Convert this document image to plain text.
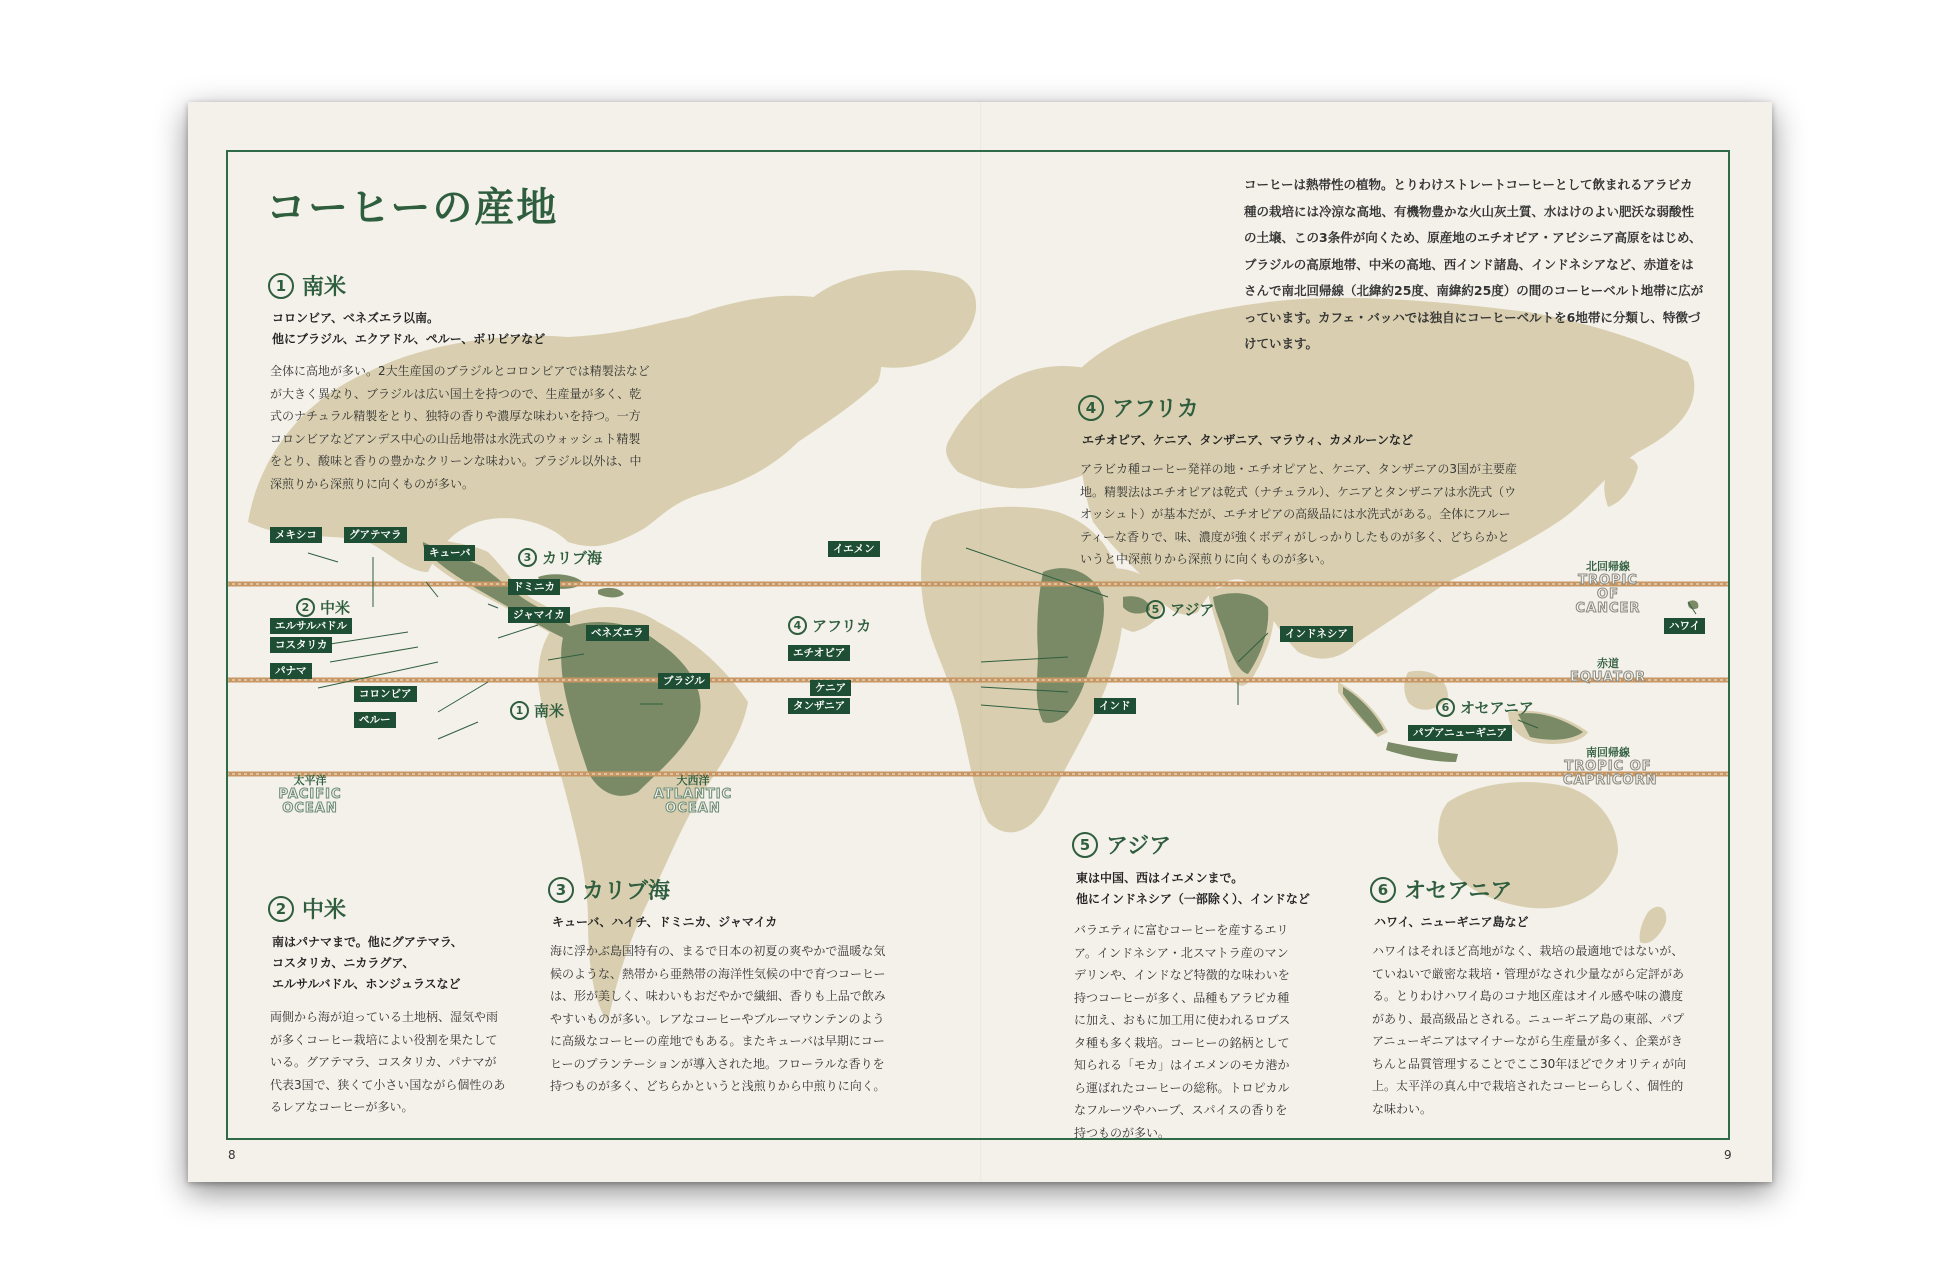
コーヒーの産地
コーヒーは熱帯性の植物。とりわけストレートコーヒーとして飲まれるアラビカ種の栽培には冷涼な高地、有機物豊かな火山灰土質、水はけのよい肥沃な弱酸性の土壌、この3条件が向くため、原産地のエチオピア・アビシニア高原をはじめ、ブラジルの高原地帯、中米の高地、西インド諸島、インドネシアなど、赤道をはさんで南北回帰線（北緯約25度、南緯約25度）の間のコーヒーベルト地帯に広がっています。カフェ・バッハでは独自にコーヒーベルトを6地帯に分類し、特徴づけています。
1 南米
コロンビア、ベネズエラ以南。
他にブラジル、エクアドル、ペルー、ボリビアなど
全体に高地が多い。2大生産国のブラジルとコロンビアでは精製法などが大きく異なり、ブラジルは広い国土を持つので、生産量が多く、乾式のナチュラル精製をとり、独特の香りや濃厚な味わいを持つ。一方コロンビアなどアンデス中心の山岳地帯は水洗式のウォッシュト精製をとり、酸味と香りの豊かなクリーンな味わい。ブラジル以外は、中深煎りから深煎りに向くものが多い。
4 アフリカ
エチオピア、ケニア、タンザニア、マラウィ、カメルーンなど
アラビカ種コーヒー発祥の地・エチオピアと、ケニア、タンザニアの3国が主要産地。精製法はエチオピアは乾式（ナチュラル）、ケニアとタンザニアは水洗式（ウオッシュト）が基本だが、エチオピアの高級品には水洗式がある。全体にフルーティーな香りで、味、濃度が強くボディがしっかりしたものが多く、どちらかというと中深煎りから深煎りに向くものが多い。
3 カリブ海
2 中米
1 南米
4 アフリカ
5 アジア
6 オセアニア
メキシコ	グアテマラ
キューバ
ドミニカ
ジャマイカ
ベネズエラ
エルサルバドル
コスタリカ
パナマ
コロンビア
ペルー
ブラジル
イエメン
エチオピア
ケニア
タンザニア	インド
インドネシア
パプアニューギニア
ハワイ
北回帰線
TROPIC OF CANCER
赤道
EQUATOR
南回帰線
TROPIC OF CAPRICORN
太平洋
PACIFIC
OCEAN
大西洋
ATLANTIC
OCEAN
2 中米
南はパナマまで。他にグアテマラ、
コスタリカ、ニカラグア、
エルサルバドル、ホンジュラスなど
両側から海が迫っている土地柄、湿気や雨が多くコーヒー栽培によい役割を果たしている。グアテマラ、コスタリカ、パナマが代表3国で、狭くて小さい国ながら個性のあるレアなコーヒーが多い。
3 カリブ海
キューバ、ハイチ、ドミニカ、ジャマイカ
海に浮かぶ島国特有の、まるで日本の初夏の爽やかで温暖な気候のような、熱帯から亜熱帯の海洋性気候の中で育つコーヒーは、形が美しく、味わいもおだやかで繊細、香りも上品で飲みやすいものが多い。レアなコーヒーやブルーマウンテンのように高級なコーヒーの産地でもある。またキューバは早期にコーヒーのプランテーションが導入された地。フローラルな香りを持つものが多く、どちらかというと浅煎りから中煎りに向く。
5 アジア
東は中国、西はイエメンまで。
他にインドネシア（一部除く）、インドなど
バラエティに富むコーヒーを産するエリア。インドネシア・北スマトラ産のマンデリンや、インドなど特徴的な味わいを持つコーヒーが多く、品種もアラビカ種に加え、おもに加工用に使われるロブスタ種も多く栽培。コーヒーの銘柄として知られる「モカ」はイエメンのモカ港から運ばれたコーヒーの総称。トロピカルなフルーツやハーブ、スパイスの香りを持つものが多い。
6 オセアニア
ハワイ、ニューギニア島など
ハワイはそれほど高地がなく、栽培の最適地ではないが、ていねいで厳密な栽培・管理がなされ少量ながら定評がある。とりわけハワイ島のコナ地区産はオイル感や味の濃度があり、最高級品とされる。ニューギニア島の東部、パプアニューギニアはマイナーながら生産量が多く、企業がきちんと品質管理することでここ30年ほどでクオリティが向上。太平洋の真ん中で栽培されたコーヒーらしく、個性的な味わい。
8	9
